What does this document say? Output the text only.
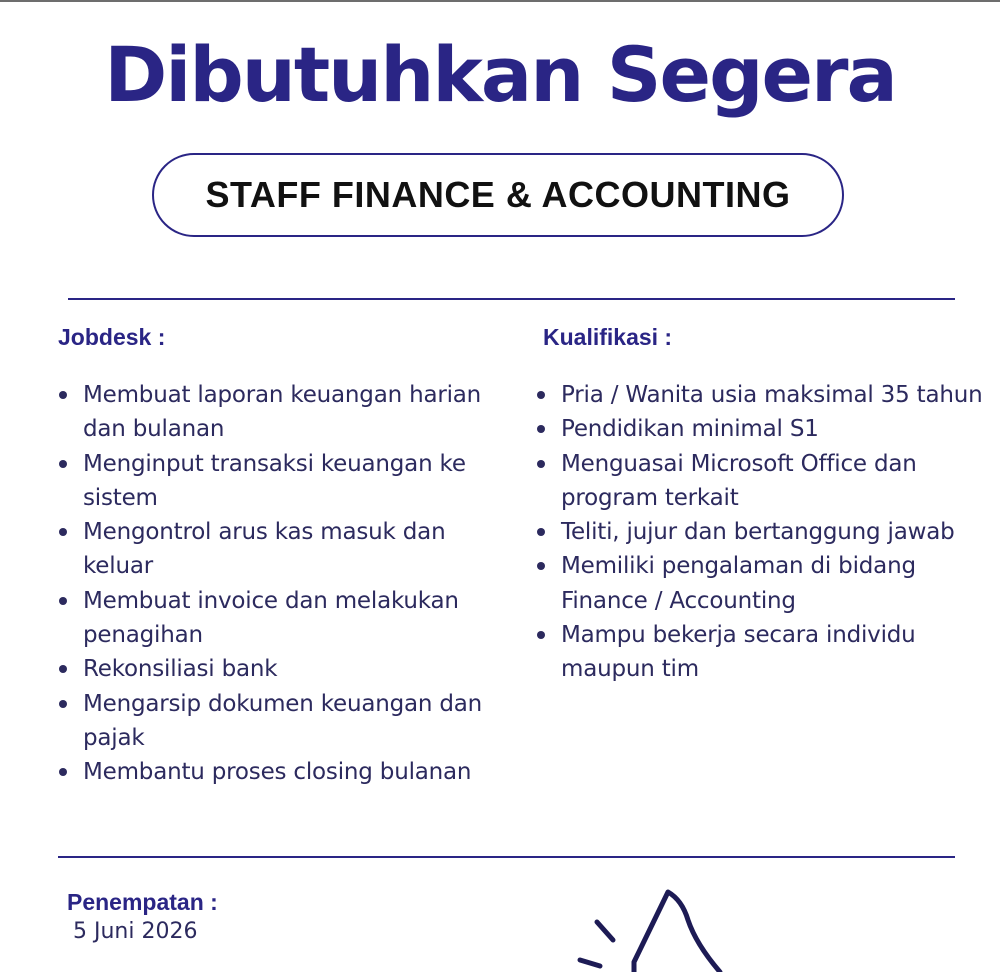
Dibutuhkan Segera
STAFF FINANCE & ACCOUNTING
Jobdesk :	Kualifikasi :
Membuat laporan keuangan harian dan bulanan
Menginput transaksi keuangan ke sistem
Mengontrol arus kas masuk dan keluar
Membuat invoice dan melakukan penagihan
Rekonsiliasi bank
Mengarsip dokumen keuangan dan pajak
Membantu proses closing bulanan
Pria / Wanita usia maksimal 35 tahun
Pendidikan minimal S1
Menguasai Microsoft Office dan program terkait
Teliti, jujur dan bertanggung jawab
Memiliki pengalaman di bidang Finance / Accounting
Mampu bekerja secara individu maupun tim
Penempatan :
5 Juni 2026
